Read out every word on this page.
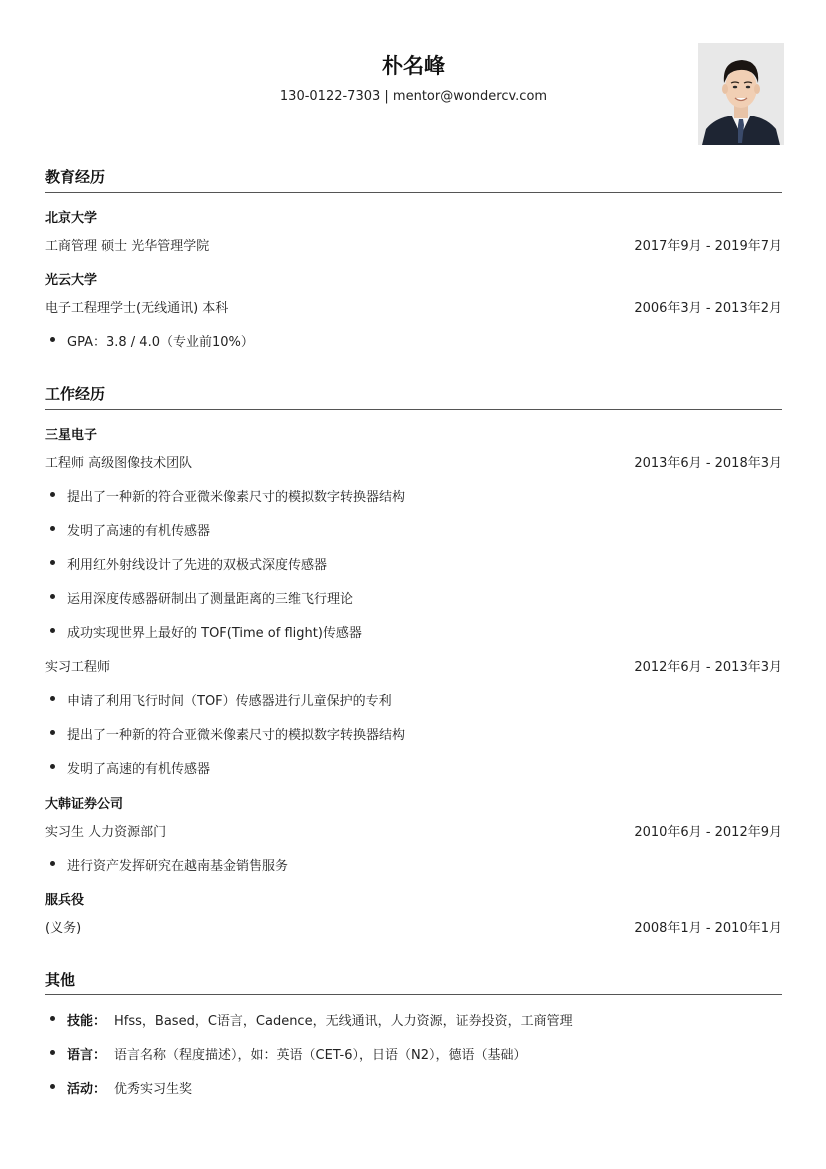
朴名峰
130-0122-7303 | mentor@wondercv.com
教育经历
北京大学
工商管理 硕士 光华管理学院	2017年9月 - 2019年7月
光云大学
电子工程理学士(无线通讯) 本科	2006年3月 - 2013年2月
GPA：3.8 / 4.0（专业前10%）
工作经历
三星电子
工程师 高级图像技术团队	2013年6月 - 2018年3月
提出了一种新的符合亚微米像素尺寸的模拟数字转换器结构
发明了高速的有机传感器
利用红外射线设计了先进的双极式深度传感器
运用深度传感器研制出了测量距离的三维飞行理论
成功实现世界上最好的 TOF(Time of flight)传感器
实习工程师	2012年6月 - 2013年3月
申请了利用飞行时间（TOF）传感器进行儿童保护的专利
提出了一种新的符合亚微米像素尺寸的模拟数字转换器结构
发明了高速的有机传感器
大韩证券公司
实习生 人力资源部门	2010年6月 - 2012年9月
进行资产发挥研究在越南基金销售服务
服兵役
(义务)	2008年1月 - 2010年1月
其他
技能： Hfss，Based，C语言，Cadence，无线通讯，人力资源，证券投资，工商管理
语言： 语言名称（程度描述），如：英语（CET-6），日语（N2），德语（基础）
活动： 优秀实习生奖
